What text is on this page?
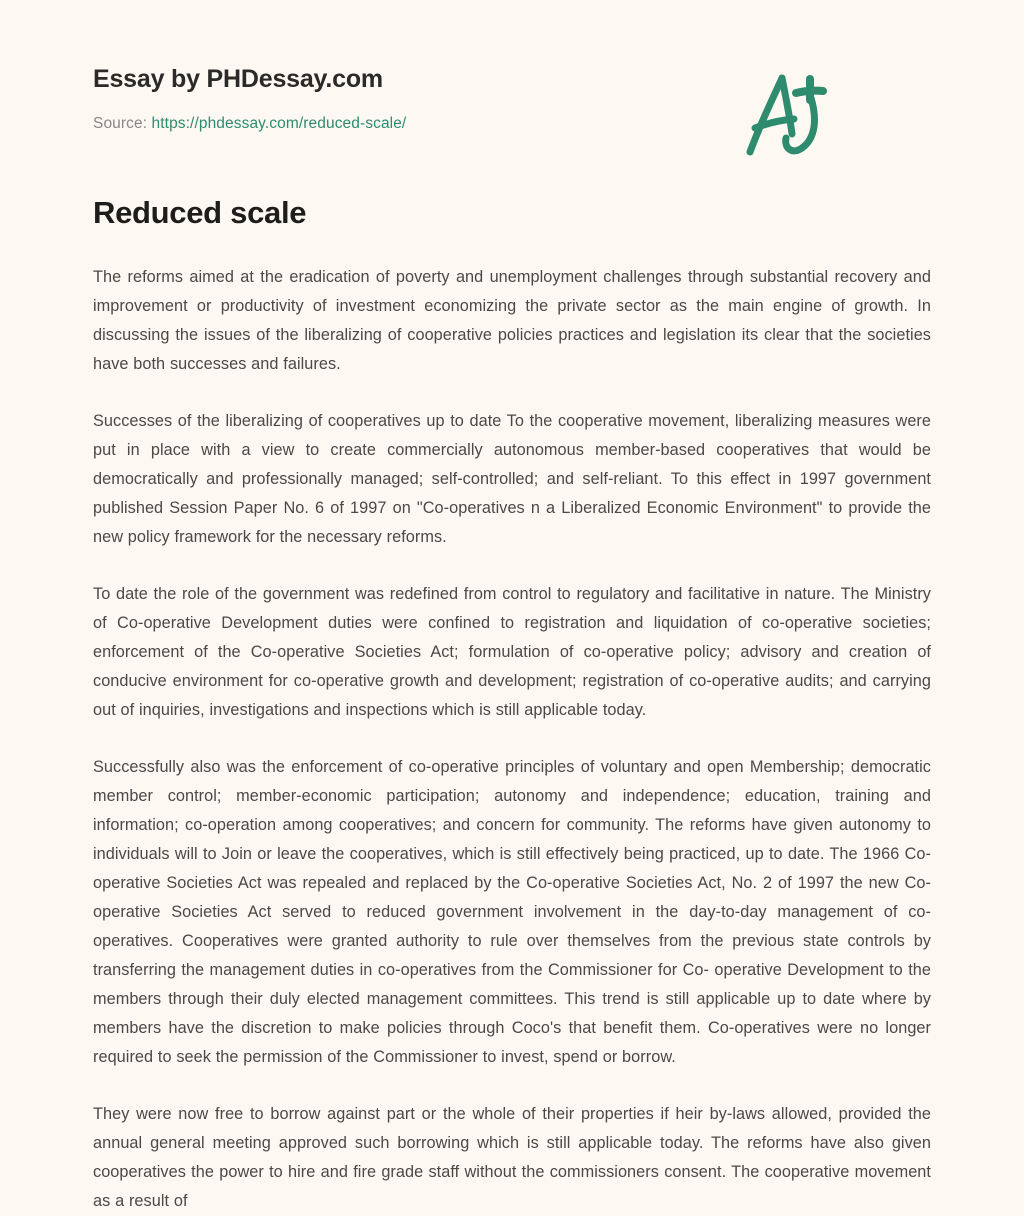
Essay by PHDessay.com
Source: https://phdessay.com/reduced-scale/
Reduced scale

The reforms aimed at the eradication of poverty and unemployment challenges through substantial recovery and improvement or productivity of investment economizing the private sector as the main engine of growth. In discussing the issues of the liberalizing of cooperative policies practices and legislation its clear that the societies have both successes and failures.

Successes of the liberalizing of cooperatives up to date To the cooperative movement, liberalizing measures were put in place with a view to create commercially autonomous member-based cooperatives that would be democratically and professionally managed; self-controlled; and self-reliant. To this effect in 1997 government published Session Paper No. 6 of 1997 on "Co-operatives n a Liberalized Economic Environment" to provide the new policy framework for the necessary reforms.

To date the role of the government was redefined from control to regulatory and facilitative in nature. The Ministry of Co-operative Development duties were confined to registration and liquidation of co-operative societies; enforcement of the Co-operative Societies Act; formulation of co-operative policy; advisory and creation of conducive environment for co-operative growth and development; registration of co-operative audits; and carrying out of inquiries, investigations and inspections which is still applicable today.

Successfully also was the enforcement of co-operative principles of voluntary and open Membership; democratic member control; member-economic participation; autonomy and independence; education, training and information; co-operation among cooperatives; and concern for community. The reforms have given autonomy to individuals will to Join or leave the cooperatives, which is still effectively being practiced, up to date. The 1966 Co- operative Societies Act was repealed and replaced by the Co-operative Societies Act, No. 2 of 1997 the new Co-operative Societies Act served to reduced government involvement in the day-to-day management of co-operatives. Cooperatives were granted authority to rule over themselves from the previous state controls by transferring the management duties in co-operatives from the Commissioner for Co- operative Development to the members through their duly elected management committees. This trend is still applicable up to date where by members have the discretion to make policies through Coco's that benefit them. Co-operatives were no longer required to seek the permission of the Commissioner to invest, spend or borrow.

They were now free to borrow against part or the whole of their properties if heir by-laws allowed, provided the annual general meeting approved such borrowing which is still applicable today. The reforms have also given cooperatives the power to hire and fire grade staff without the commissioners consent. The cooperative movement as a result of
